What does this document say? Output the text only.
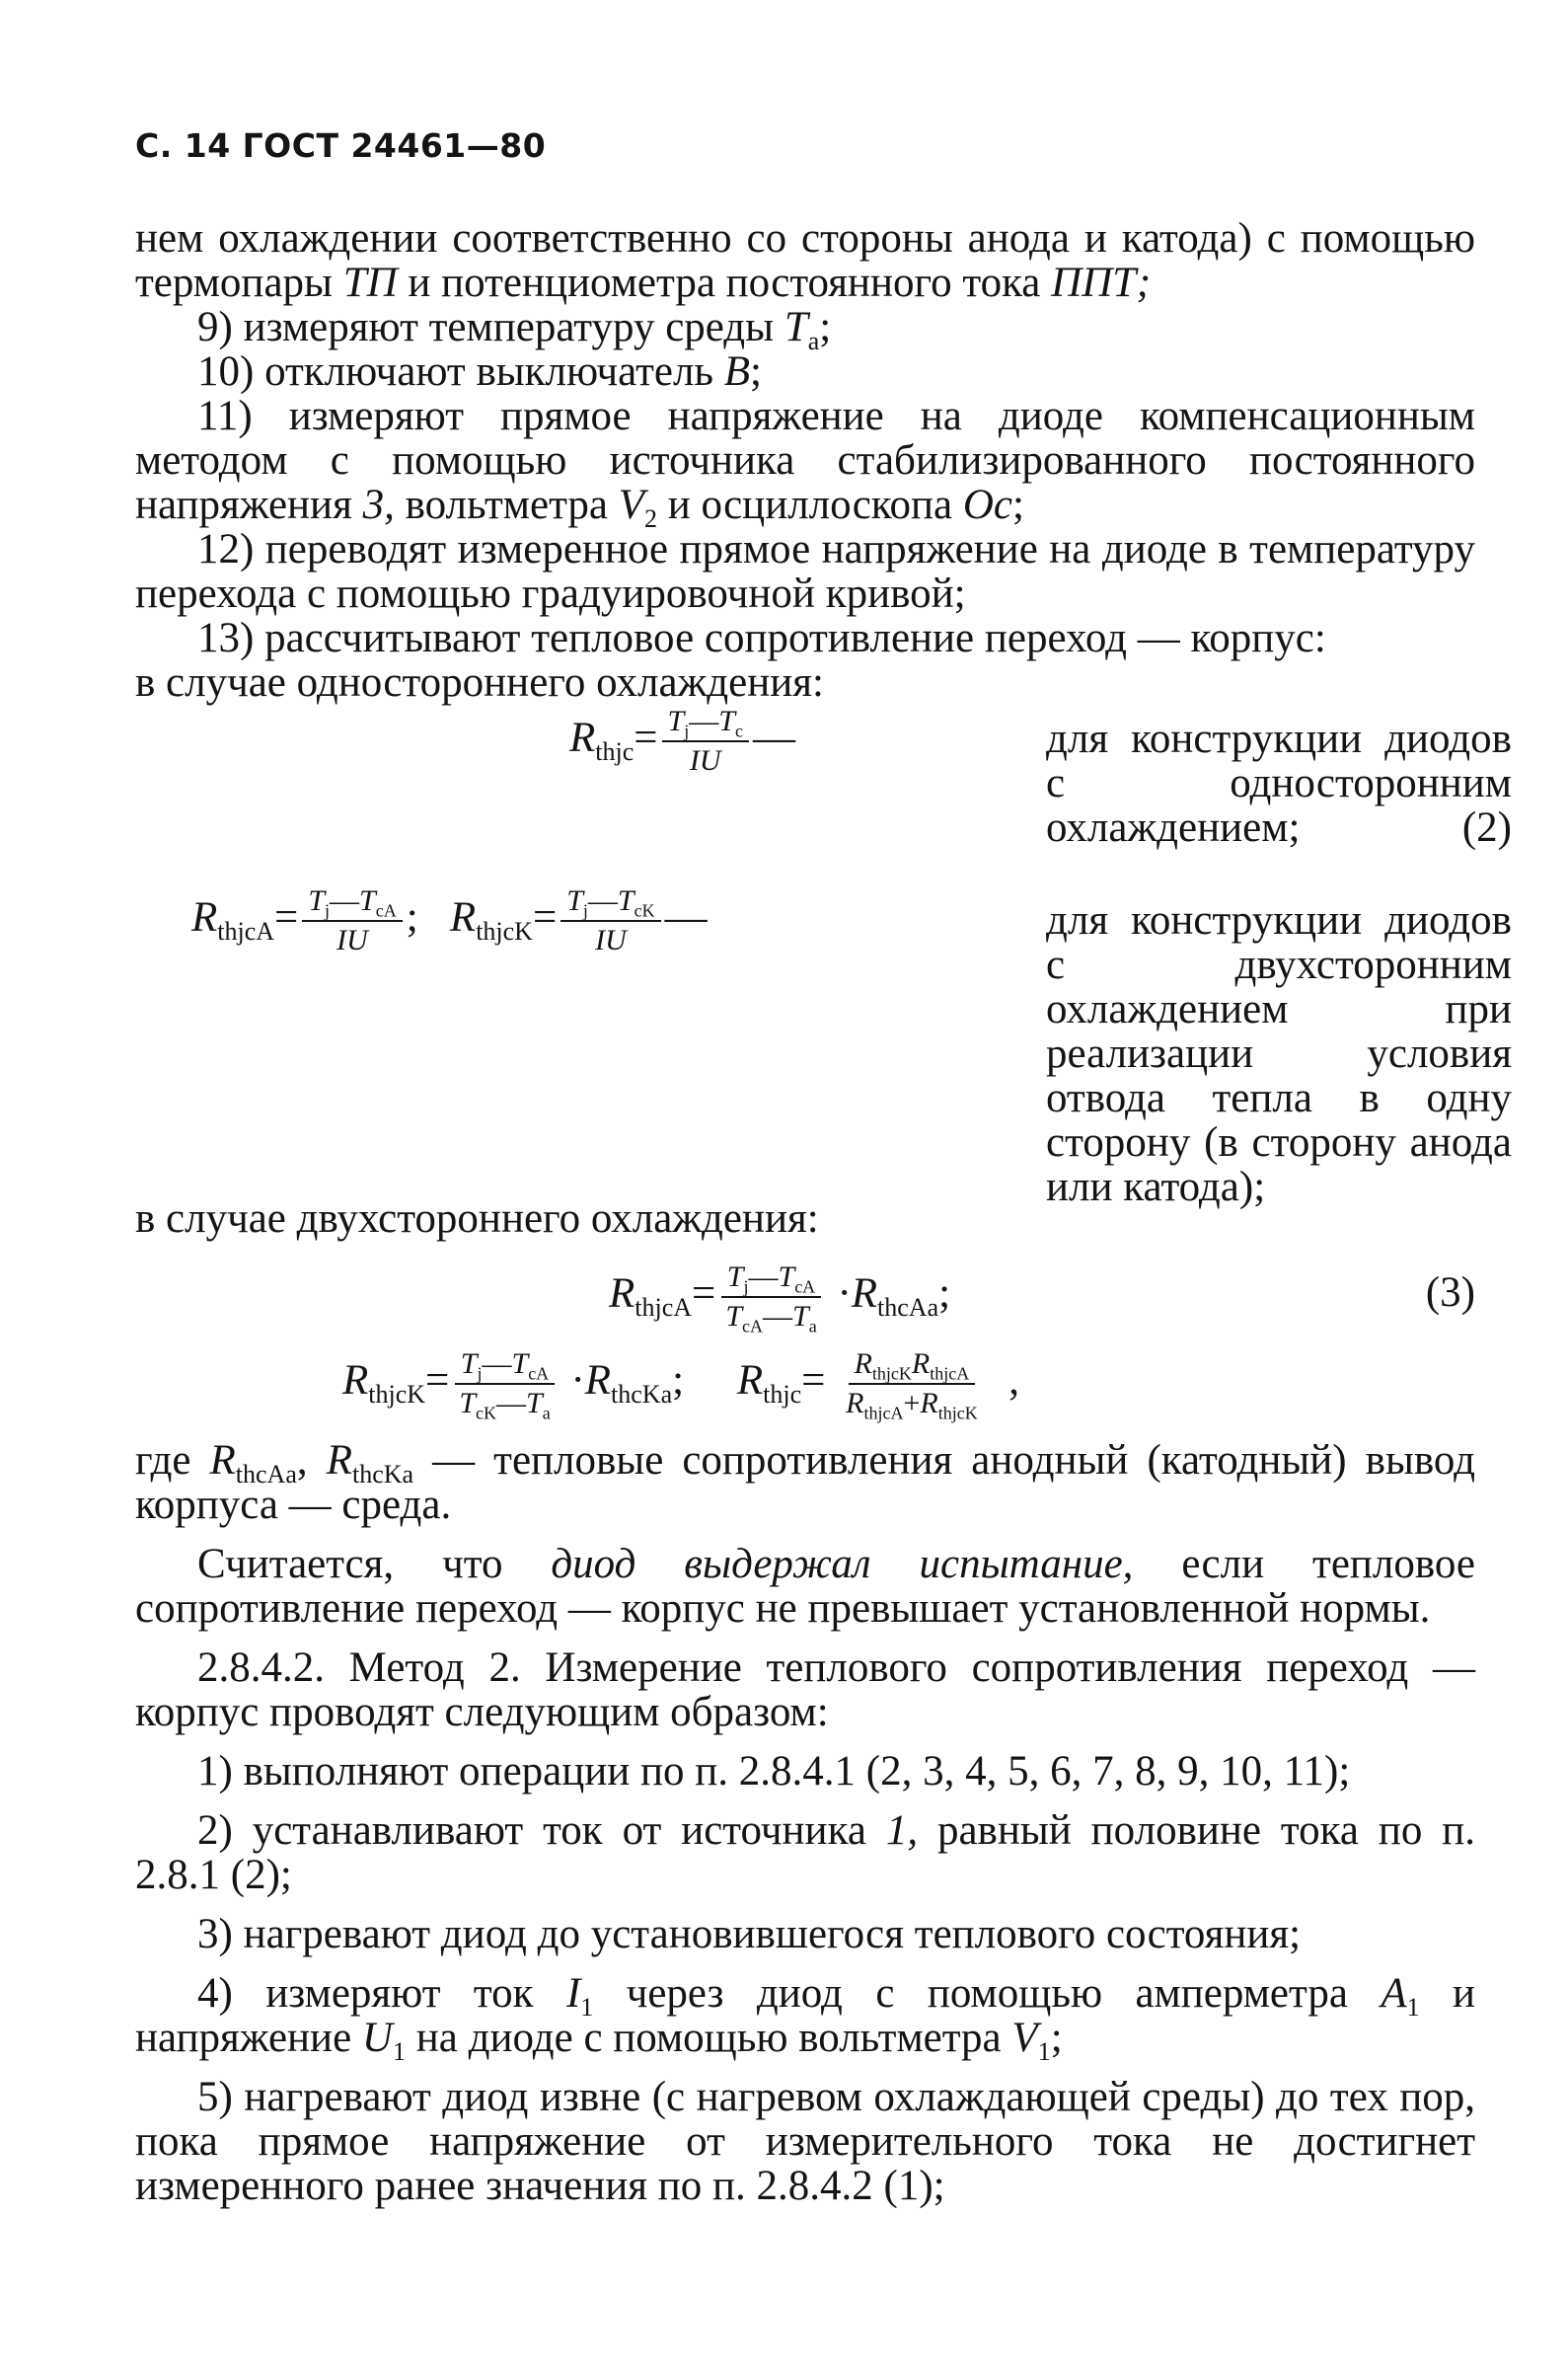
С. 14 ГОСТ 24461—80

нем охлаждении соответственно со стороны анода и катода) с помощью термопары ТП и потенциометра постоянного тока ППТ;

9) измеряют температуру среды $T_a$;

10) отключают выключатель B;

11) измеряют прямое напряжение на диоде компенсационным методом с помощью источника стабилизированного постоянного напряжения 3, вольтметра $V_2$ и осциллоскопа Oc;

12) переводят измеренное прямое напряжение на диоде в температуру перехода с помощью градуировочной кривой;

13) рассчитывают тепловое сопротивление переход — корпус:

в случае одностороннего охлаждения:

$R_{thjc}= \frac{T_j—T_c}{IU}$ —	для конструкции диодов с односторонним охлаждением;	(2)
$R_{thjcA}= \frac{T_j—T_{cA}}{IU}$ ; $R_{thjcK}= \frac{T_j—T_{cK}}{IU}$ —	для конструкции диодов с двухсторонним охлаждением при реализации условия отвода тепла в одну сторону (в сторону анода или катода);

в случае двухстороннего охлаждения:

$R_{thjcA}= \frac{T_j—T_{cA}}{T_{cA}—T_a} \cdot R_{thcAa}$;	(3)
$R_{thjcK}= \frac{T_j—T_{cA}}{T_{cK}—T_a} \cdot R_{thcKa}$; $R_{thjc}= \frac{R_{thjcK}R_{thjcA}}{R_{thjcA}+R_{thjcK}}$ ,

где $R_{thcAa}$, $R_{thcKa}$ — тепловые сопротивления анодный (катодный) вывод корпуса — среда.

Считается, что диод выдержал испытание, если тепловое сопротивление переход — корпус не превышает установленной нормы.

2.8.4.2. Метод 2. Измерение теплового сопротивления переход — корпус проводят следующим образом:

1) выполняют операции по п. 2.8.4.1 (2, 3, 4, 5, 6, 7, 8, 9, 10, 11);

2) устанавливают ток от источника 1, равный половине тока по п. 2.8.1 (2);

3) нагревают диод до установившегося теплового состояния;

4) измеряют ток $I_1$ через диод с помощью амперметра $A_1$ и напряжение $U_1$ на диоде с помощью вольтметра $V_1$;

5) нагревают диод извне (с нагревом охлаждающей среды) до тех пор, пока прямое напряжение от измерительного тока не достигнет измеренного ранее значения по п. 2.8.4.2 (1);
